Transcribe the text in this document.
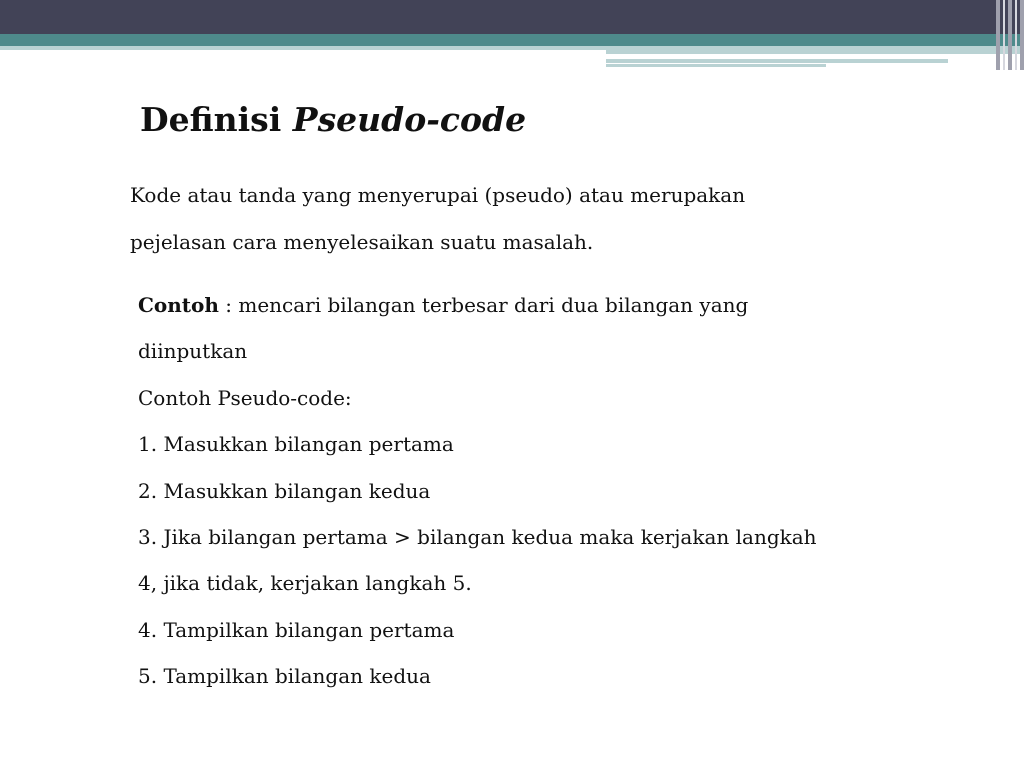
Definisi Pseudo-code
Kode atau tanda yang menyerupai (pseudo) atau merupakan
pejelasan cara menyelesaikan suatu masalah.

Contoh : mencari bilangan terbesar dari dua bilangan yang

diinputkan

Contoh Pseudo-code:

1. Masukkan bilangan pertama

2. Masukkan bilangan kedua

3. Jika bilangan pertama > bilangan kedua maka kerjakan langkah

4, jika tidak, kerjakan langkah 5.

4. Tampilkan bilangan pertama

5. Tampilkan bilangan kedua
